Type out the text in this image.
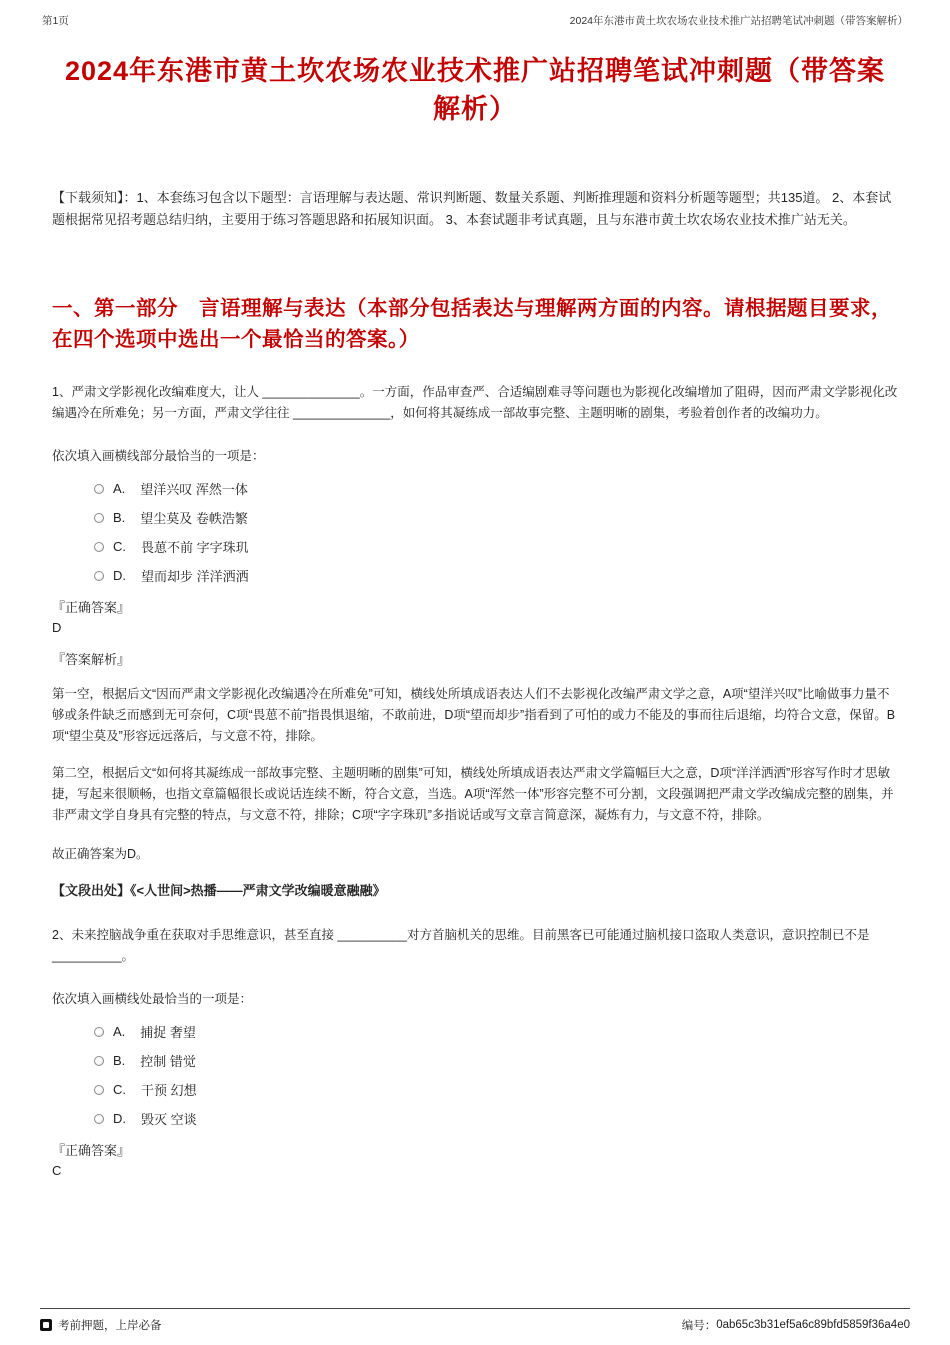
第1页	2024年东港市黄土坎农场农业技术推广站招聘笔试冲刺题（带答案解析）
2024年东港市黄土坎农场农业技术推广站招聘笔试冲刺题（带答案解析）

【下载须知】：1、本套练习包含以下题型：言语理解与表达题、常识判断题、数量关系题、判断推理题和资料分析题等题型；共135道。 2、本套试题根据常见招考题总结归纳，主要用于练习答题思路和拓展知识面。 3、本套试题非考试真题，且与东港市黄土坎农场农业技术推广站无关。

一、第一部分　言语理解与表达（本部分包括表达与理解两方面的内容。请根据题目要求，在四个选项中选出一个最恰当的答案。）

1、严肃文学影视化改编难度大，让人 ______________。一方面，作品审查严、合适编剧难寻等问题也为影视化改编增加了阻碍，因而严肃文学影视化改编遇冷在所难免；另一方面，严肃文学往往 ______________，如何将其凝练成一部故事完整、主题明晰的剧集，考验着创作者的改编功力。

依次填入画横线部分最恰当的一项是：

A. 望洋兴叹 浑然一体
B. 望尘莫及 卷帙浩繁
C. 畏葸不前 字字珠玑
D. 望而却步 洋洋洒洒

『正确答案』

D

『答案解析』

第一空，根据后文“因而严肃文学影视化改编遇冷在所难免”可知，横线处所填成语表达人们不去影视化改编严肃文学之意，A项“望洋兴叹”比喻做事力量不够或条件缺乏而感到无可奈何，C项“畏葸不前”指畏惧退缩，不敢前进，D项“望而却步”指看到了可怕的或力不能及的事而往后退缩，均符合文意，保留。B项“望尘莫及”形容远远落后，与文意不符，排除。

第二空，根据后文“如何将其凝练成一部故事完整、主题明晰的剧集”可知，横线处所填成语表达严肃文学篇幅巨大之意，D项“洋洋洒洒”形容写作时才思敏捷，写起来很顺畅，也指文章篇幅很长或说话连续不断，符合文意，当选。A项“浑然一体”形容完整不可分割，文段强调把严肃文学改编成完整的剧集，并非严肃文学自身具有完整的特点，与文意不符，排除；C项“字字珠玑”多指说话或写文章言简意深，凝炼有力，与文意不符，排除。

故正确答案为D。

【文段出处】《<人世间>热播——严肃文学改编暖意融融》

2、未来控脑战争重在获取对手思维意识，甚至直接 __________对方首脑机关的思维。目前黑客已可能通过脑机接口盗取人类意识，意识控制已不是 __________。

依次填入画横线处最恰当的一项是：

A. 捕捉 奢望
B. 控制 错觉
C. 干预 幻想
D. 毁灭 空谈

『正确答案』

C

考前押题，上岸必备	编号： 0ab65c3b31ef5a6c89bfd5859f36a4e0
